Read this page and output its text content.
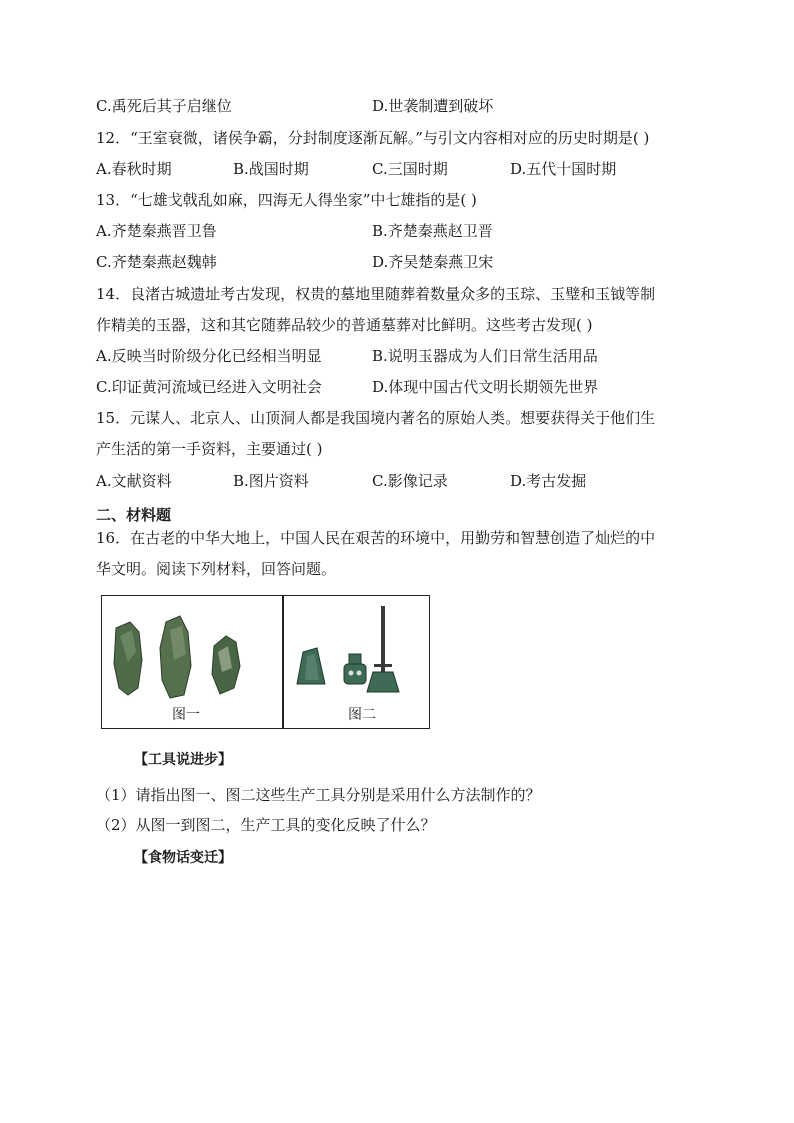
C.禹死后其子启继位	D.世袭制遭到破坏
12．“王室衰微，诸侯争霸，分封制度逐渐瓦解。”与引文内容相对应的历史时期是( )
A.春秋时期	B.战国时期	C.三国时期	D.五代十国时期
13．“七雄戈戟乱如麻，四海无人得坐家”中七雄指的是( )
A.齐楚秦燕晋卫鲁	B.齐楚秦燕赵卫晋
C.齐楚秦燕赵魏韩	D.齐吴楚秦燕卫宋
14．良渚古城遗址考古发现，权贵的墓地里随葬着数量众多的玉琮、玉璧和玉钺等制
作精美的玉器，这和其它随葬品较少的普通墓葬对比鲜明。这些考古发现( )
A.反映当时阶级分化已经相当明显	B.说明玉器成为人们日常生活用品
C.印证黄河流域已经进入文明社会	D.体现中国古代文明长期领先世界
15．元谋人、北京人、山顶洞人都是我国境内著名的原始人类。想要获得关于他们生
产生活的第一手资料，主要通过( )
A.文献资料	B.图片资料	C.影像记录	D.考古发掘
二、材料题
16．在古老的中华大地上，中国人民在艰苦的环境中，用勤劳和智慧创造了灿烂的中
华文明。阅读下列材料，回答问题。
图一	图二
【工具说进步】
（1）请指出图一、图二这些生产工具分别是采用什么方法制作的？
（2）从图一到图二，生产工具的变化反映了什么？
【食物话变迁】
